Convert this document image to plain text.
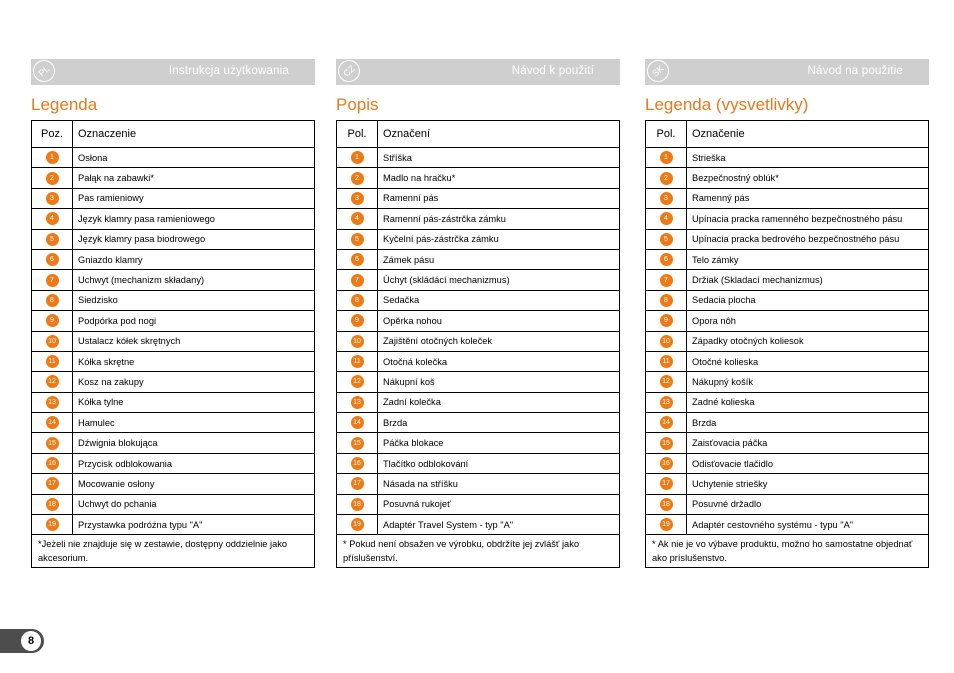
PL	Instrukcja użytkowania
Legenda
Poz.	Oznaczenie
1	Osłona
2	Pałąk na zabawki*
3	Pas ramieniowy
4	Język klamry pasa ramieniowego
5	Język klamry pasa biodrowego
6	Gniazdo klamry
7	Uchwyt (mechanizm składany)
8	Siedzisko
9	Podpórka pod nogi
10	Ustalacz kółek skrętnych
11	Kółka skrętne
12	Kosz na zakupy
13	Kółka tylne
14	Hamulec
15	Dźwignia blokująca
16	Przycisk odblokowania
17	Mocowanie osłony
18	Uchwyt do pchania
19	Przystawka podróżna typu "A"
*Jeżeli nie znajduje się w zestawie, dostępny oddzielnie jako akcesorium.	
CZ	Návod k použití
Popis
Pol.	Označení
1	Stříška
2	Madlo na hračku*
3	Ramenní pás
4	Ramenní pás-zástrčka zámku
5	Kyčelní pás-zástrčka zámku
6	Zámek pásu
7	Úchyt (skládácí mechanizmus)
8	Sedačka
9	Opěrka nohou
10	Zajištění otočných koleček
11	Otočná kolečka
12	Nákupní koš
13	Zadní kolečka
14	Brzda
15	Páčka blokace
16	Tlačítko odblokování
17	Násada na stříšku
18	Posuvná rukojeť
19	Adaptér Travel System - typ "A"
* Pokud není obsažen ve výrobku, obdržíte jej zvlášť jako příslušenství.	
SK	Návod na použitie
Legenda (vysvetlivky)
Pol.	Označenie
1	Strieška
2	Bezpečnostný oblúk*
3	Ramenný pás
4	Upínacia pracka ramenného bezpečnostného pásu
5	Upínacia pracka bedrového bezpečnostného pásu
6	Telo zámky
7	Držiak (Skladací mechanizmus)
8	Sedacia plocha
9	Opora nôh
10	Západky otočných koliesok
11	Otočné kolieska
12	Nákupný košík
13	Zadné kolieska
14	Brzda
15	Zaisťovacia páčka
16	Odisťovacie tlačidlo
17	Uchytenie striešky
18	Posuvné držadlo
19	Adaptér cestovného systému - typu "A"
* Ak nie je vo výbave produktu, možno ho samostatne objednať ako príslušenstvo.	
8
